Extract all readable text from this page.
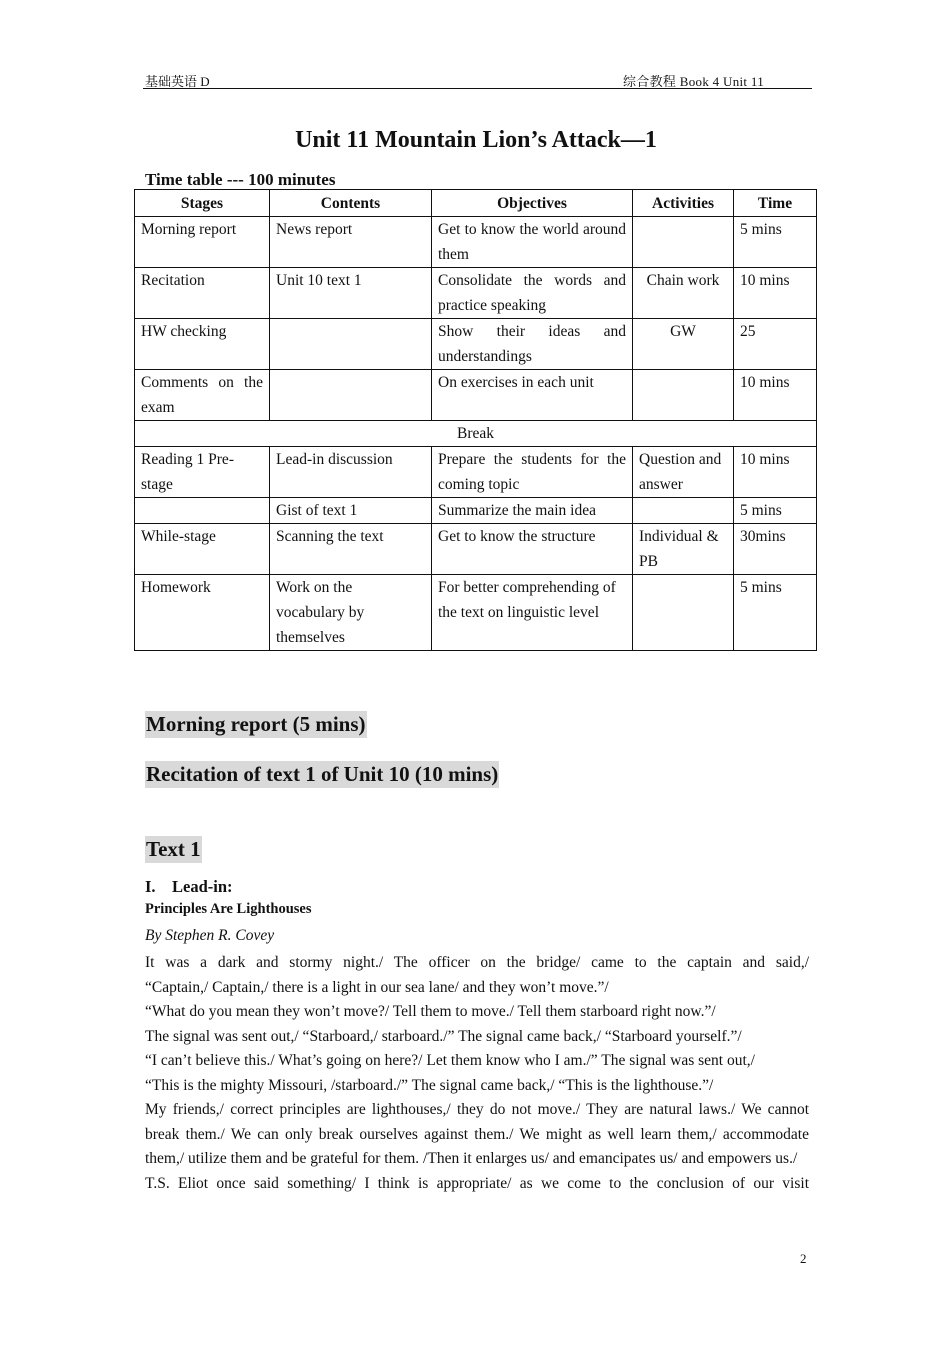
基础英语 D	综合教程 Book 4 Unit 11
Unit 11 Mountain Lion’s Attack—1
Time table --- 100 minutes
Stages	Contents	Objectives	Activities	Time
Morning report	News report	Get to know the world around them		5 mins
Recitation	Unit 10 text 1	Consolidate the words and practice speaking	Chain work	10 mins
HW checking		Show their ideas and understandings	GW	25
Comments on the exam		On exercises in each unit		10 mins
Break				
Reading 1 Pre-stage	Lead-in discussion	Prepare the students for the coming topic	Question and answer	10 mins
	Gist of text 1	Summarize the main idea		5 mins
While-stage	Scanning the text	Get to know the structure	Individual & PB	30mins
Homework	Work on the vocabulary by themselves	For better comprehending of the text on linguistic level		5 mins
Morning report (5 mins)
Recitation of text 1 of Unit 10 (10 mins)
Text 1
I.    Lead-in:
Principles Are Lighthouses
By Stephen R. Covey

It was a dark and stormy night./ The officer on the bridge/ came to the captain and said,/

“Captain,/ Captain,/ there is a light in our sea lane/ and they won’t move.”/

“What do you mean they won’t move?/ Tell them to move./ Tell them starboard right now.”/

The signal was sent out,/ “Starboard,/ starboard./” The signal came back,/ “Starboard yourself.”/

“I can’t believe this./ What’s going on here?/ Let them know who I am./” The signal was sent out,/

“This is the mighty Missouri, /starboard./” The signal came back,/ “This is the lighthouse.”/

My friends,/ correct principles are lighthouses,/ they do not move./ They are natural laws./ We cannot break them./ We can only break ourselves against them./ We might as well learn them,/ accommodate them,/ utilize them and be grateful for them. /Then it enlarges us/ and emancipates us/ and empowers us./

T.S. Eliot once said something/ I think is appropriate/ as we come to the conclusion of our visit

2
